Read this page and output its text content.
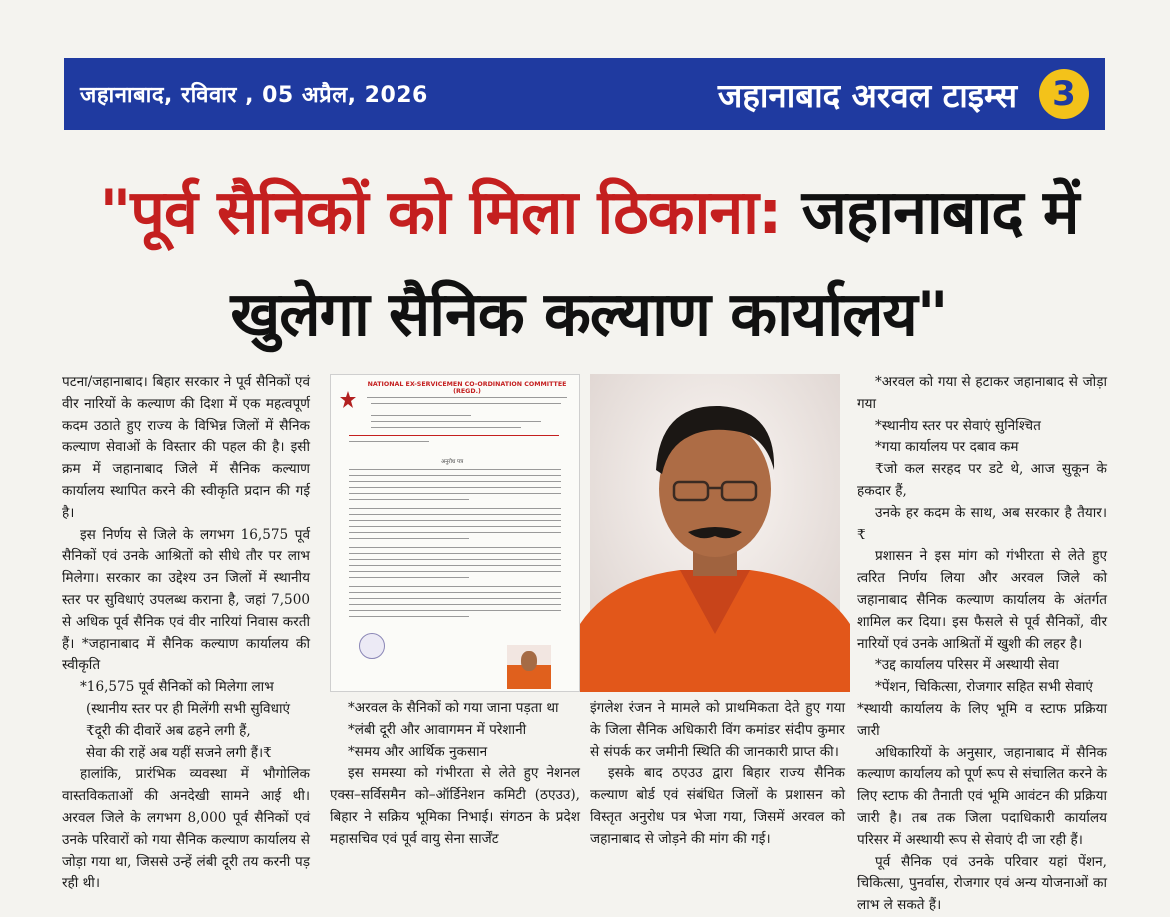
जहानाबाद, रविवार , 05 अप्रैल, 2026	जहानाबाद अरवल टाइम्स	3
"पूर्व सैनिकों को मिला ठिकाना: जहानाबाद में खुलेगा सैनिक कल्याण कार्यालय"

पटना/जहानाबाद। बिहार सरकार ने पूर्व सैनिकों एवं वीर नारियों के कल्याण की दिशा में एक महत्वपूर्ण कदम उठाते हुए राज्य के विभिन्न जिलों में सैनिक कल्याण सेवाओं के विस्तार की पहल की है। इसी क्रम में जहानाबाद जिले में सैनिक कल्याण कार्यालय स्थापित करने की स्वीकृति प्रदान की गई है।

इस निर्णय से जिले के लगभग 16,575 पूर्व सैनिकों एवं उनके आश्रितों को सीधे तौर पर लाभ मिलेगा। सरकार का उद्देश्य उन जिलों में स्थानीय स्तर पर सुविधाएं उपलब्ध कराना है, जहां 7,500 से अधिक पूर्व सैनिक एवं वीर नारियां निवास करती हैं। *जहानाबाद में सैनिक कल्याण कार्यालय की स्वीकृति

*16,575 पूर्व सैनिकों को मिलेगा लाभ

(स्थानीय स्तर पर ही मिलेंगी सभी सुविधाएं

₹दूरी की दीवारें अब ढहने लगी हैं,

सेवा की राहें अब यहीं सजने लगी हैं।₹

हालांकि, प्रारंभिक व्यवस्था में भौगोलिक वास्तविकताओं की अनदेखी सामने आई थी। अरवल जिले के लगभग 8,000 पूर्व सैनिकों एवं उनके परिवारों को गया सैनिक कल्याण कार्यालय से जोड़ा गया था, जिससे उन्हें लंबी दूरी तय करनी पड़ रही थी।

NATIONAL EX-SERVICEMEN CO-ORDINATION COMMITTEE (REGD.)
अनुरोध पत्र

*अरवल के सैनिकों को गया जाना पड़ता था

*लंबी दूरी और आवागमन में परेशानी

*समय और आर्थिक नुकसान

इस समस्या को गंभीरता से लेते हुए नेशनल एक्स–सर्विसमैन को–ऑर्डिनेशन कमिटी (ठएउउ), बिहार ने सक्रिय भूमिका निभाई। संगठन के प्रदेश महासचिव एवं पूर्व वायु सेना सार्जेंट

इंगलेश रंजन ने मामले को प्राथमिकता देते हुए गया के जिला सैनिक अधिकारी विंग कमांडर संदीप कुमार से संपर्क कर जमीनी स्थिति की जानकारी प्राप्त की।

इसके बाद ठएउउ द्वारा बिहार राज्य सैनिक कल्याण बोर्ड एवं संबंधित जिलों के प्रशासन को विस्तृत अनुरोध पत्र भेजा गया, जिसमें अरवल को जहानाबाद से जोड़ने की मांग की गई।

*अरवल को गया से हटाकर जहानाबाद से जोड़ा गया

*स्थानीय स्तर पर सेवाएं सुनिश्चित

*गया कार्यालय पर दबाव कम

₹जो कल सरहद पर डटे थे, आज सुकून के हकदार हैं,

उनके हर कदम के साथ, अब सरकार है तैयार।₹

प्रशासन ने इस मांग को गंभीरता से लेते हुए त्वरित निर्णय लिया और अरवल जिले को जहानाबाद सैनिक कल्याण कार्यालय के अंतर्गत शामिल कर दिया। इस फैसले से पूर्व सैनिकों, वीर नारियों एवं उनके आश्रितों में खुशी की लहर है।

*उद्द कार्यालय परिसर में अस्थायी सेवा

*पेंशन, चिकित्सा, रोजगार सहित सभी सेवाएं

*स्थायी कार्यालय के लिए भूमि व स्टाफ प्रक्रिया जारी

अधिकारियों के अनुसार, जहानाबाद में सैनिक कल्याण कार्यालय को पूर्ण रूप से संचालित करने के लिए स्टाफ की तैनाती एवं भूमि आवंटन की प्रक्रिया जारी है। तब तक जिला पदाधिकारी कार्यालय परिसर में अस्थायी रूप से सेवाएं दी जा रही हैं।

पूर्व सैनिक एवं उनके परिवार यहां पेंशन, चिकित्सा, पुनर्वास, रोजगार एवं अन्य योजनाओं का लाभ ले सकते हैं।
